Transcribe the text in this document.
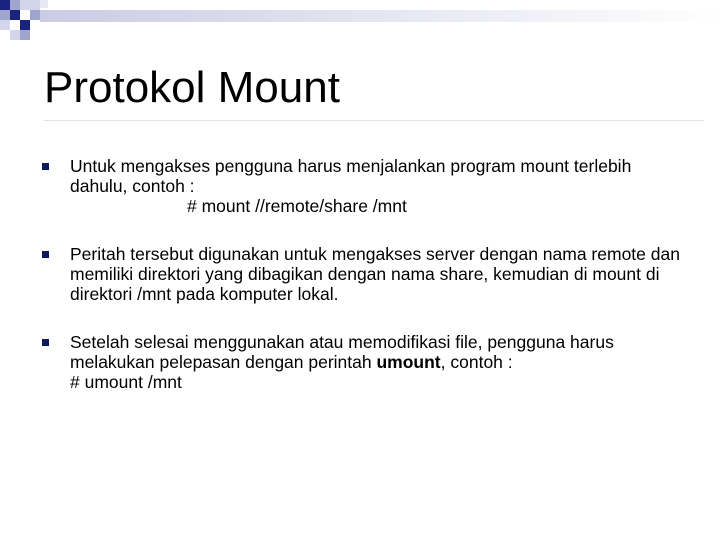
Protokol Mount
Untuk mengakses pengguna harus menjalankan program mount terlebih dahulu, contoh :
# mount //remote/share /mnt
Peritah tersebut digunakan untuk mengakses server dengan nama remote dan memiliki direktori yang dibagikan dengan nama share, kemudian di mount di direktori /mnt pada komputer lokal.
Setelah selesai menggunakan atau memodifikasi file, pengguna harus melakukan pelepasan dengan perintah umount, contoh :
# umount /mnt
